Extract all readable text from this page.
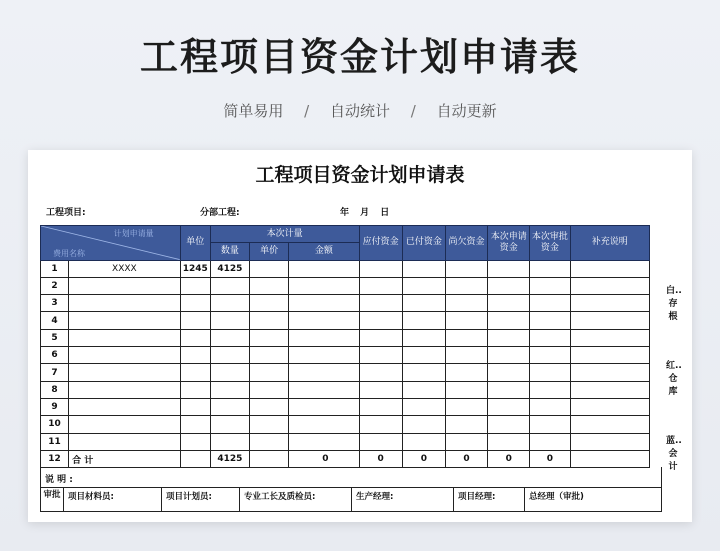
工程项目资金计划申请表
简单易用 / 自动统计 / 自动更新
工程项目资金计划申请表
工程项目:	分部工程:	年 月 日
计划申请量
费用名称		单位	本次计量			应付资金	已付资金	尚欠资金	本次申请资金	本次审批资金	补充说明
			数量	单价	金额						
1	XXXX	1245	4125								
2											
3											
4											
5											
6											
7											
8											
9											
10											
11											
12	合 计		4125		0	0	0	0	0	0	
白..存根
红..仓库
蓝..会计
说 明 :
审批 项目材料员:	项目计划员:	专业工长及质检员:	生产经理:	项目经理:	总经理（审批)
